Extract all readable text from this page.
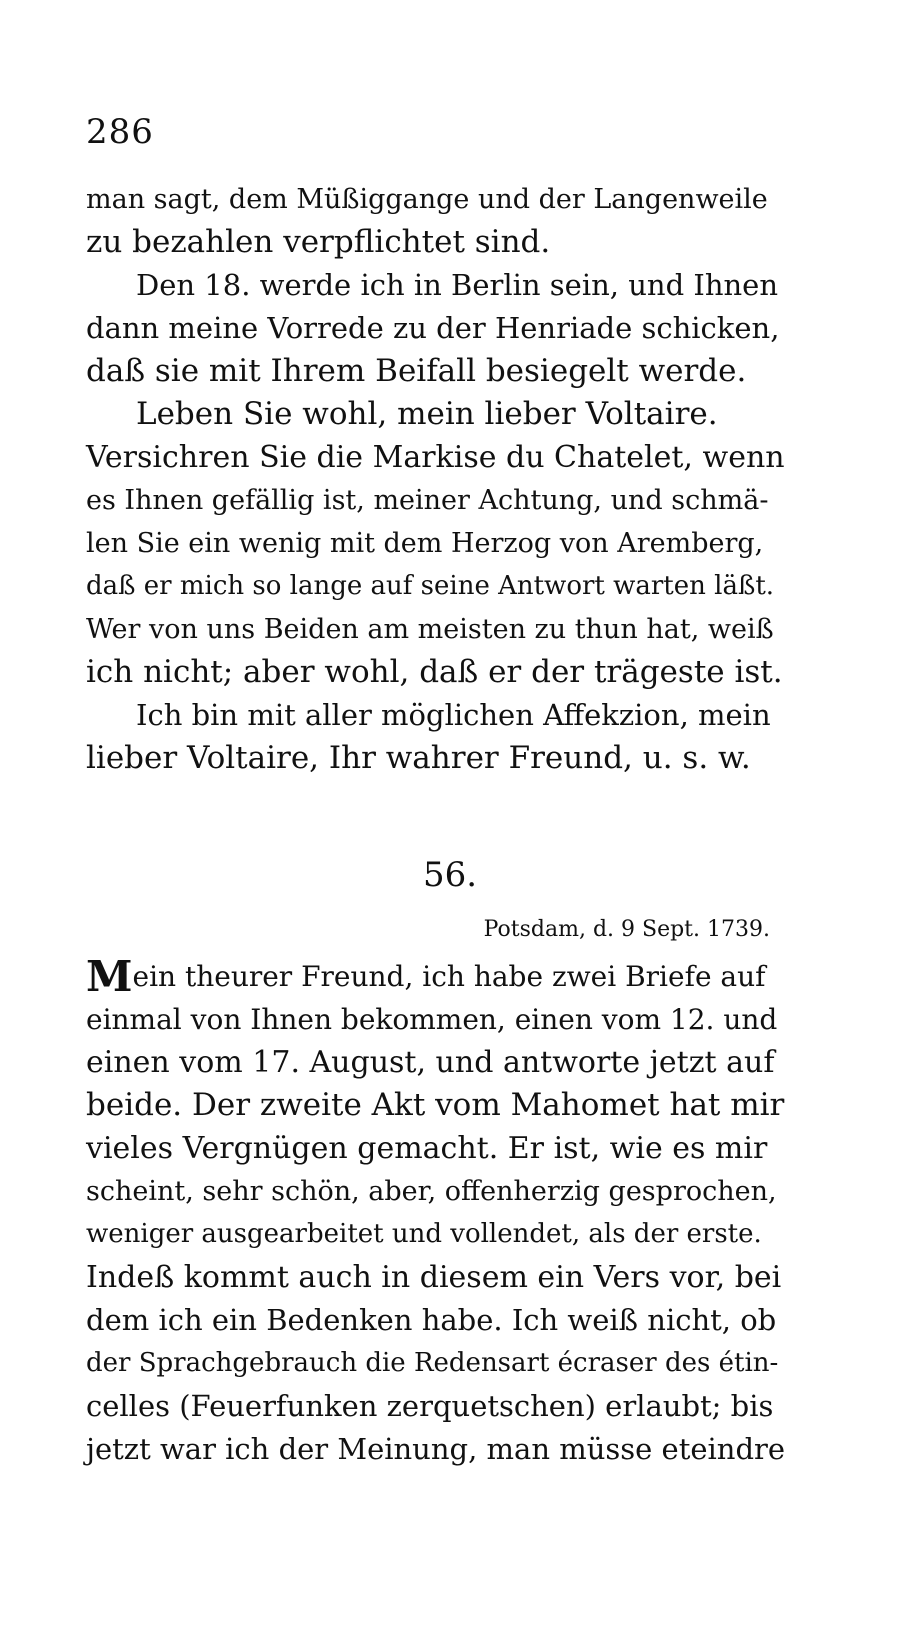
286
man sagt, dem Müßiggange und der Langenweile
zu bezahlen verpflichtet sind.
Den 18. werde ich in Berlin sein, und Ihnen
dann meine Vorrede zu der Henriade schicken,
daß sie mit Ihrem Beifall besiegelt werde.
Leben Sie wohl, mein lieber Voltaire.
Versichren Sie die Markise du Chatelet, wenn
es Ihnen gefällig ist, meiner Achtung, und schmä-
len Sie ein wenig mit dem Herzog von Aremberg,
daß er mich so lange auf seine Antwort warten läßt.
Wer von uns Beiden am meisten zu thun hat, weiß
ich nicht; aber wohl, daß er der trägeste ist.
Ich bin mit aller möglichen Affekzion, mein
lieber Voltaire, Ihr wahrer Freund, u. s. w.
56.
Potsdam, d. 9 Sept. 1739.
M ein theurer Freund, ich habe zwei Briefe auf
einmal von Ihnen bekommen, einen vom 12. und
einen vom 17. August, und antworte jetzt auf
beide. Der zweite Akt vom Mahomet hat mir
vieles Vergnügen gemacht. Er ist, wie es mir
scheint, sehr schön, aber, offenherzig gesprochen,
weniger ausgearbeitet und vollendet, als der erste.
Indeß kommt auch in diesem ein Vers vor, bei
dem ich ein Bedenken habe. Ich weiß nicht, ob
der Sprachgebrauch die Redensart écraser des étin-
celles (Feuerfunken zerquetschen) erlaubt; bis
jetzt war ich der Meinung, man müsse eteindre
